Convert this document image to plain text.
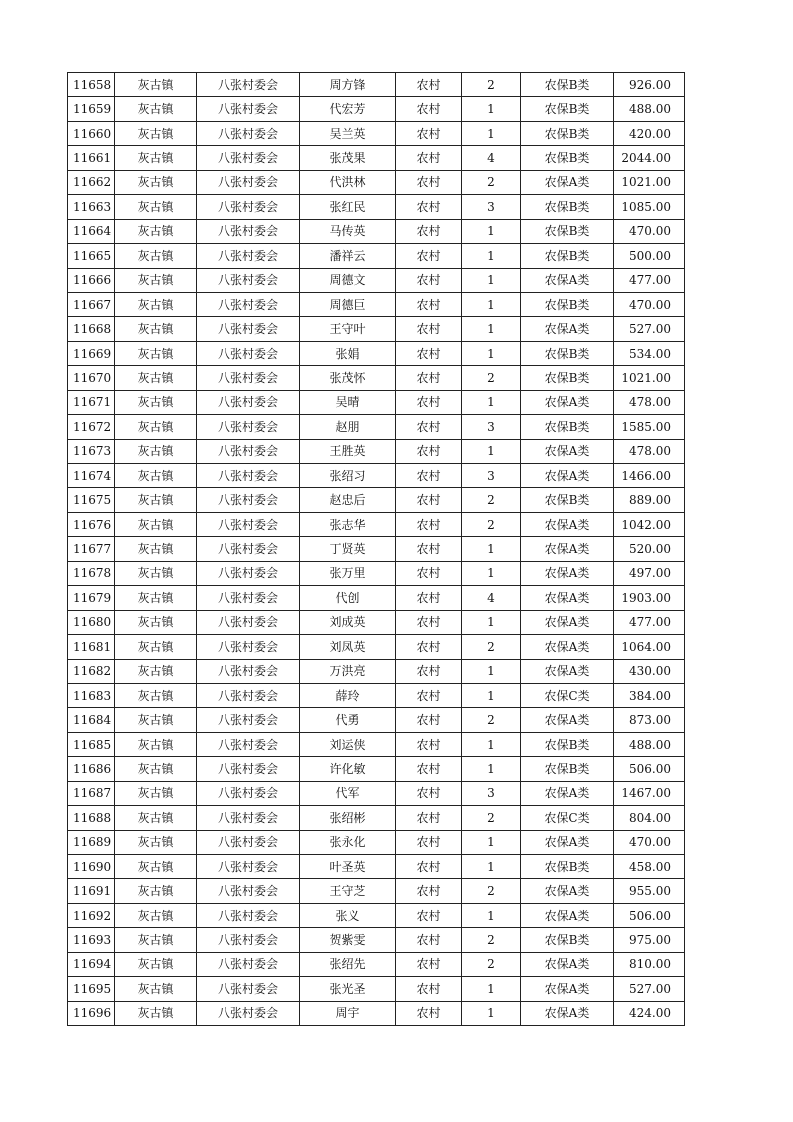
11658	灰古镇	八张村委会	周方锋	农村	2	农保B类	926.00
11659	灰古镇	八张村委会	代宏芳	农村	1	农保B类	488.00
11660	灰古镇	八张村委会	吴兰英	农村	1	农保B类	420.00
11661	灰古镇	八张村委会	张茂果	农村	4	农保B类	2044.00
11662	灰古镇	八张村委会	代洪林	农村	2	农保A类	1021.00
11663	灰古镇	八张村委会	张红民	农村	3	农保B类	1085.00
11664	灰古镇	八张村委会	马传英	农村	1	农保B类	470.00
11665	灰古镇	八张村委会	潘祥云	农村	1	农保B类	500.00
11666	灰古镇	八张村委会	周德文	农村	1	农保A类	477.00
11667	灰古镇	八张村委会	周德巨	农村	1	农保B类	470.00
11668	灰古镇	八张村委会	王守叶	农村	1	农保A类	527.00
11669	灰古镇	八张村委会	张娟	农村	1	农保B类	534.00
11670	灰古镇	八张村委会	张茂怀	农村	2	农保B类	1021.00
11671	灰古镇	八张村委会	吴晴	农村	1	农保A类	478.00
11672	灰古镇	八张村委会	赵朋	农村	3	农保B类	1585.00
11673	灰古镇	八张村委会	王胜英	农村	1	农保A类	478.00
11674	灰古镇	八张村委会	张绍习	农村	3	农保A类	1466.00
11675	灰古镇	八张村委会	赵忠后	农村	2	农保B类	889.00
11676	灰古镇	八张村委会	张志华	农村	2	农保A类	1042.00
11677	灰古镇	八张村委会	丁贤英	农村	1	农保A类	520.00
11678	灰古镇	八张村委会	张万里	农村	1	农保A类	497.00
11679	灰古镇	八张村委会	代创	农村	4	农保A类	1903.00
11680	灰古镇	八张村委会	刘成英	农村	1	农保A类	477.00
11681	灰古镇	八张村委会	刘凤英	农村	2	农保A类	1064.00
11682	灰古镇	八张村委会	万洪亮	农村	1	农保A类	430.00
11683	灰古镇	八张村委会	薛玲	农村	1	农保C类	384.00
11684	灰古镇	八张村委会	代勇	农村	2	农保A类	873.00
11685	灰古镇	八张村委会	刘运侠	农村	1	农保B类	488.00
11686	灰古镇	八张村委会	许化敏	农村	1	农保B类	506.00
11687	灰古镇	八张村委会	代军	农村	3	农保A类	1467.00
11688	灰古镇	八张村委会	张绍彬	农村	2	农保C类	804.00
11689	灰古镇	八张村委会	张永化	农村	1	农保A类	470.00
11690	灰古镇	八张村委会	叶圣英	农村	1	农保B类	458.00
11691	灰古镇	八张村委会	王守芝	农村	2	农保A类	955.00
11692	灰古镇	八张村委会	张义	农村	1	农保A类	506.00
11693	灰古镇	八张村委会	贺紫雯	农村	2	农保B类	975.00
11694	灰古镇	八张村委会	张绍先	农村	2	农保A类	810.00
11695	灰古镇	八张村委会	张光圣	农村	1	农保A类	527.00
11696	灰古镇	八张村委会	周宇	农村	1	农保A类	424.00
